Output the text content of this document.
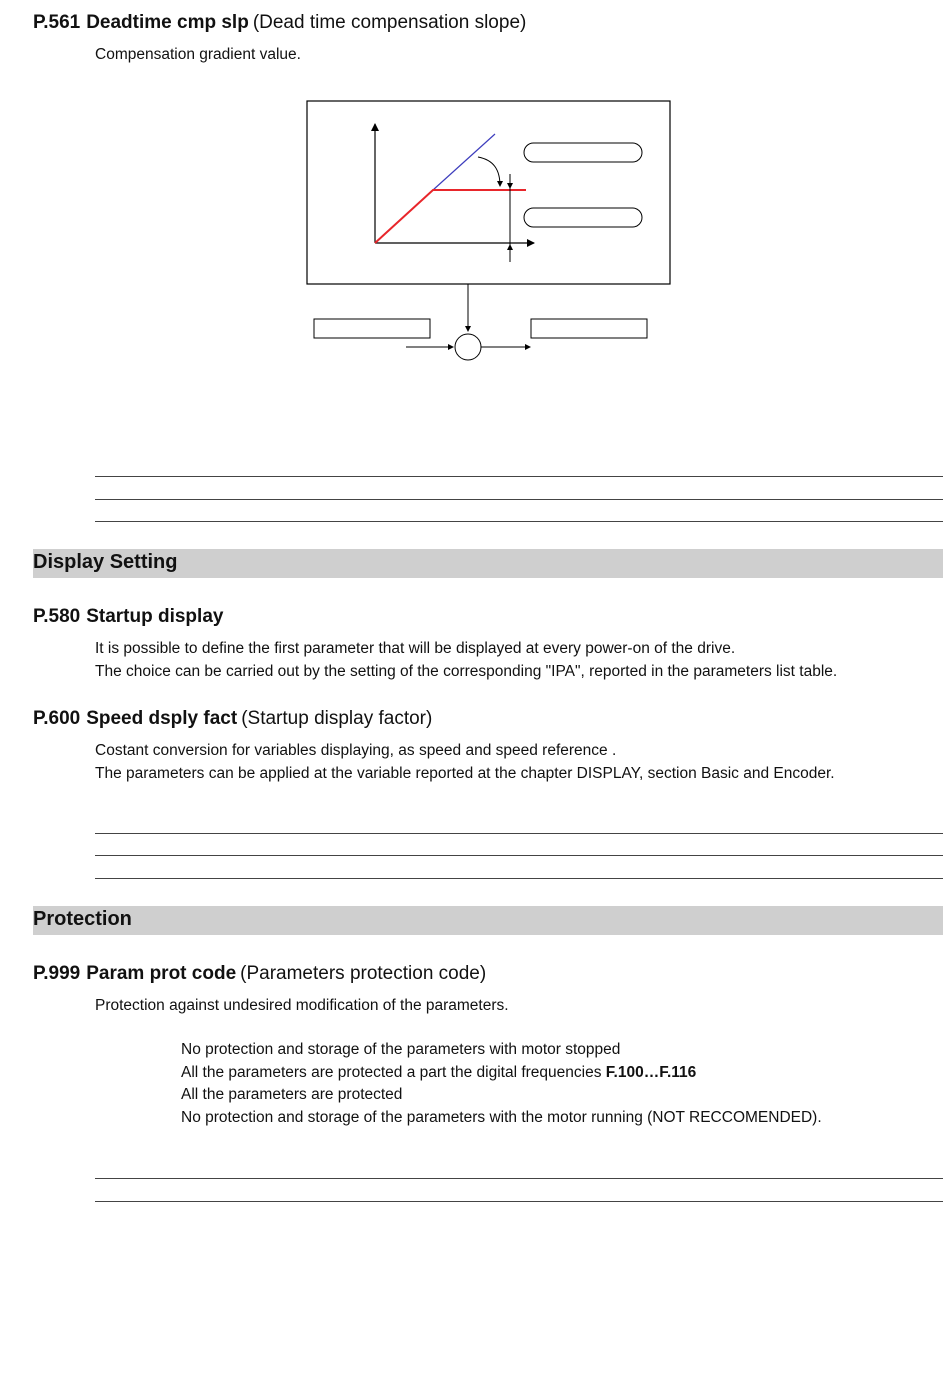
P.561 Deadtime cmp slp (Dead time compensation slope)
Compensation gradient value.
Display Setting
P.580 Startup display
It is possible to define the first parameter that will be displayed at every power-on of the drive.
The choice can be carried out by the setting of the corresponding "IPA", reported in the parameters list table.
P.600 Speed dsply fact (Startup display factor)
Costant conversion for variables displaying, as speed and speed reference .
The parameters can be applied at the variable reported at the chapter DISPLAY, section Basic and Encoder.
Protection
P.999 Param prot code (Parameters protection code)
Protection against undesired modification of the parameters.
No protection and storage of the parameters with motor stopped
All the parameters are protected a part the digital frequencies F.100…F.116
All the parameters are protected
No protection and storage of the parameters with the motor running (NOT RECCOMENDED).
